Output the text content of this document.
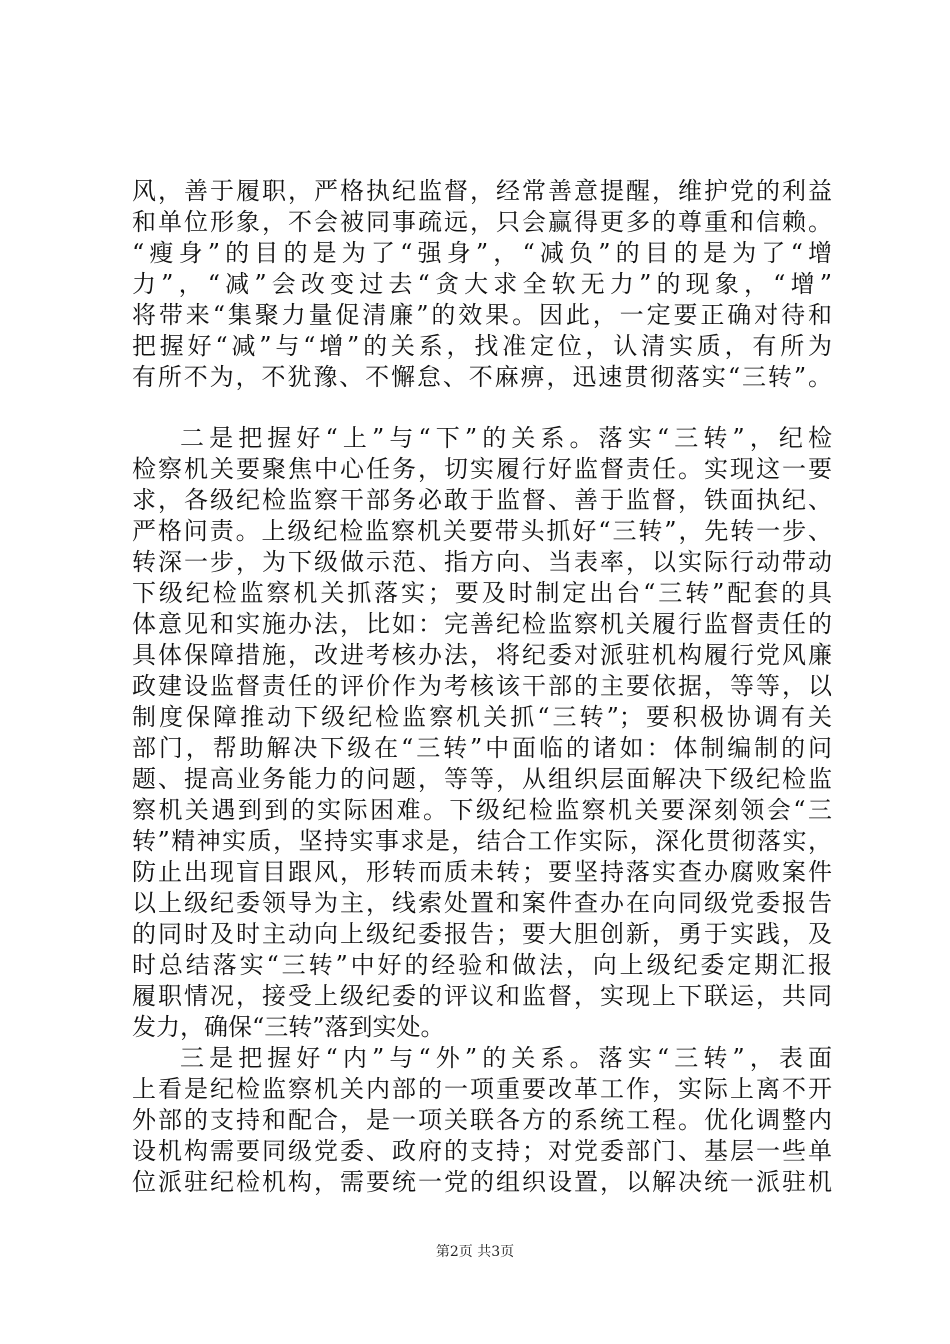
风，善于履职，严格执纪监督，经常善意提醒，维护党的利益
和单位形象，不会被同事疏远，只会赢得更多的尊重和信赖。
“瘦身”的目的是为了“强身”，“减负”的目的是为了“增
力”，“减”会改变过去“贪大求全软无力”的现象，“增”
将带来“集聚力量促清廉”的效果。因此，一定要正确对待和
把握好“减”与“增”的关系，找准定位，认清实质，有所为
有所不为，不犹豫、不懈怠、不麻痹，迅速贯彻落实“三转”。
二是把握好“上”与“下”的关系。落实“三转”，纪检
检察机关要聚焦中心任务，切实履行好监督责任。实现这一要
求，各级纪检监察干部务必敢于监督、善于监督，铁面执纪、
严格问责。上级纪检监察机关要带头抓好“三转”，先转一步、
转深一步，为下级做示范、指方向、当表率，以实际行动带动
下级纪检监察机关抓落实；要及时制定出台“三转”配套的具
体意见和实施办法，比如：完善纪检监察机关履行监督责任的
具体保障措施，改进考核办法，将纪委对派驻机构履行党风廉
政建设监督责任的评价作为考核该干部的主要依据，等等，以
制度保障推动下级纪检监察机关抓“三转”；要积极协调有关
部门，帮助解决下级在“三转”中面临的诸如：体制编制的问
题、提高业务能力的问题，等等，从组织层面解决下级纪检监
察机关遇到到的实际困难。下级纪检监察机关要深刻领会“三
转”精神实质，坚持实事求是，结合工作实际，深化贯彻落实，
防止出现盲目跟风，形转而质未转；要坚持落实查办腐败案件
以上级纪委领导为主，线索处置和案件查办在向同级党委报告
的同时及时主动向上级纪委报告；要大胆创新，勇于实践，及
时总结落实“三转”中好的经验和做法，向上级纪委定期汇报
履职情况，接受上级纪委的评议和监督，实现上下联运，共同
发力，确保“三转”落到实处。
三是把握好“内”与“外”的关系。落实“三转”，表面
上看是纪检监察机关内部的一项重要改革工作，实际上离不开
外部的支持和配合，是一项关联各方的系统工程。优化调整内
设机构需要同级党委、政府的支持；对党委部门、基层一些单
位派驻纪检机构，需要统一党的组织设置，以解决统一派驻机
第2页 共3页
